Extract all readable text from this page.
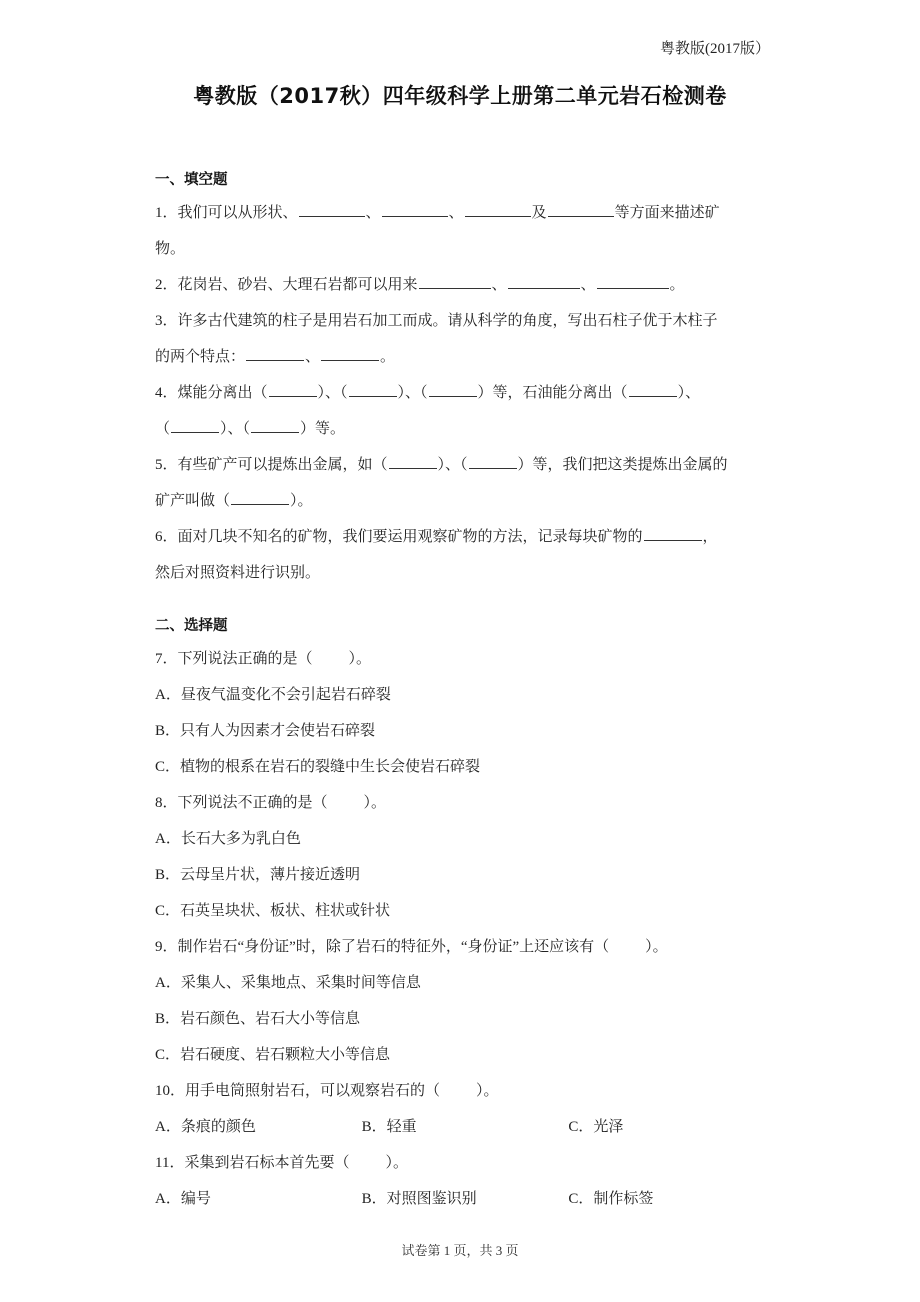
粤教版(2017版）
粤教版（2017秋）四年级科学上册第二单元岩石检测卷
一、填空题
1．我们可以从形状、	、	、	及	等方面来描述矿
物。
2．花岗岩、砂岩、大理石岩都可以用来	、	、	。
3．许多古代建筑的柱子是用岩石加工而成。请从科学的角度，写出石柱子优于木柱子
的两个特点：	、	。
4．煤能分离出（	）、（	）、（	）等，石油能分离出（	）、
（	）、（	）等。
5．有些矿产可以提炼出金属，如（	）、（	）等，我们把这类提炼出金属的
矿产叫做（	）。
6．面对几块不知名的矿物，我们要运用观察矿物的方法，记录每块矿物的	，
然后对照资料进行识别。
二、选择题
7．下列说法正确的是（ ）。
A．昼夜气温变化不会引起岩石碎裂
B．只有人为因素才会使岩石碎裂
C．植物的根系在岩石的裂缝中生长会使岩石碎裂
8．下列说法不正确的是（ ）。
A．长石大多为乳白色
B．云母呈片状，薄片接近透明
C．石英呈块状、板状、柱状或针状
9．制作岩石“身份证”时，除了岩石的特征外，“身份证”上还应该有（ ）。
A．采集人、采集地点、采集时间等信息
B．岩石颜色、岩石大小等信息
C．岩石硬度、岩石颗粒大小等信息
10．用手电筒照射岩石，可以观察岩石的（ ）。
A．条痕的颜色	B．轻重	C．光泽
11．采集到岩石标本首先要（ ）。
A．编号	B．对照图鉴识别	C．制作标签
试卷第 1 页，共 3 页
